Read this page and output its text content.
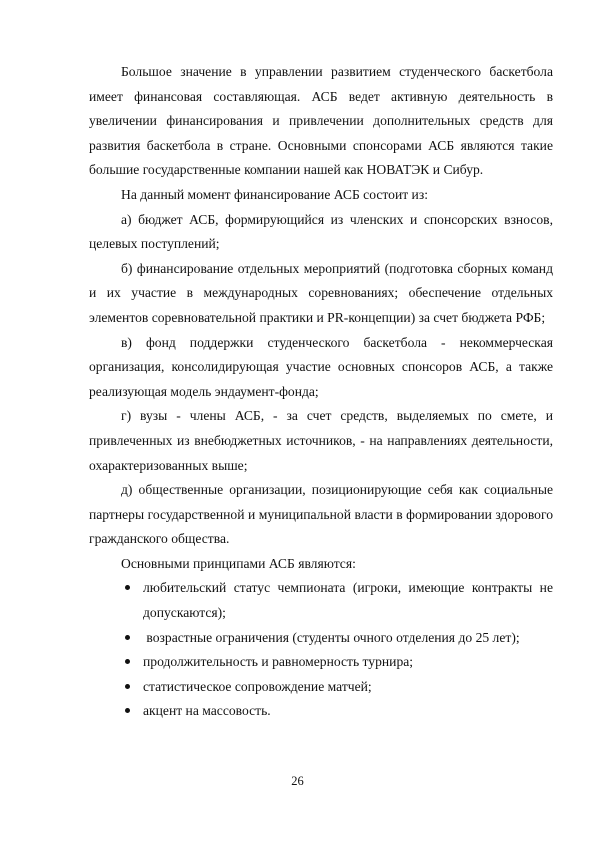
Большое значение в управлении развитием студенческого баскетбола имеет финансовая составляющая. АСБ ведет активную деятельность в увеличении финансирования и привлечении дополнительных средств для развития баскетбола в стране. Основными спонсорами АСБ являются такие большие государственные компании нашей как НОВАТЭК и Сибур.

На данный момент финансирование АСБ состоит из:

а) бюджет АСБ, формирующийся из членских и спонсорских взносов, целевых поступлений;

б) финансирование отдельных мероприятий (подготовка сборных команд и их участие в международных соревнованиях; обеспечение отдельных элементов соревновательной практики и PR-концепции) за счет бюджета РФБ;

в) фонд поддержки студенческого баскетбола - некоммерческая организация, консолидирующая участие основных спонсоров АСБ, а также реализующая модель эндаумент-фонда;

г) вузы - члены АСБ, - за счет средств, выделяемых по смете, и привлеченных из внебюджетных источников, - на направлениях деятельности, охарактеризованных выше;

д) общественные организации, позиционирующие себя как социальные партнеры государственной и муниципальной власти в формировании здорового гражданского общества.

Основными принципами АСБ являются:

любительский статус чемпионата (игроки, имеющие контракты не допускаются);
возрастные ограничения (студенты очного отделения до 25 лет);
продолжительность и равномерность турнира;
статистическое сопровождение матчей;
акцент на массовость.
26
